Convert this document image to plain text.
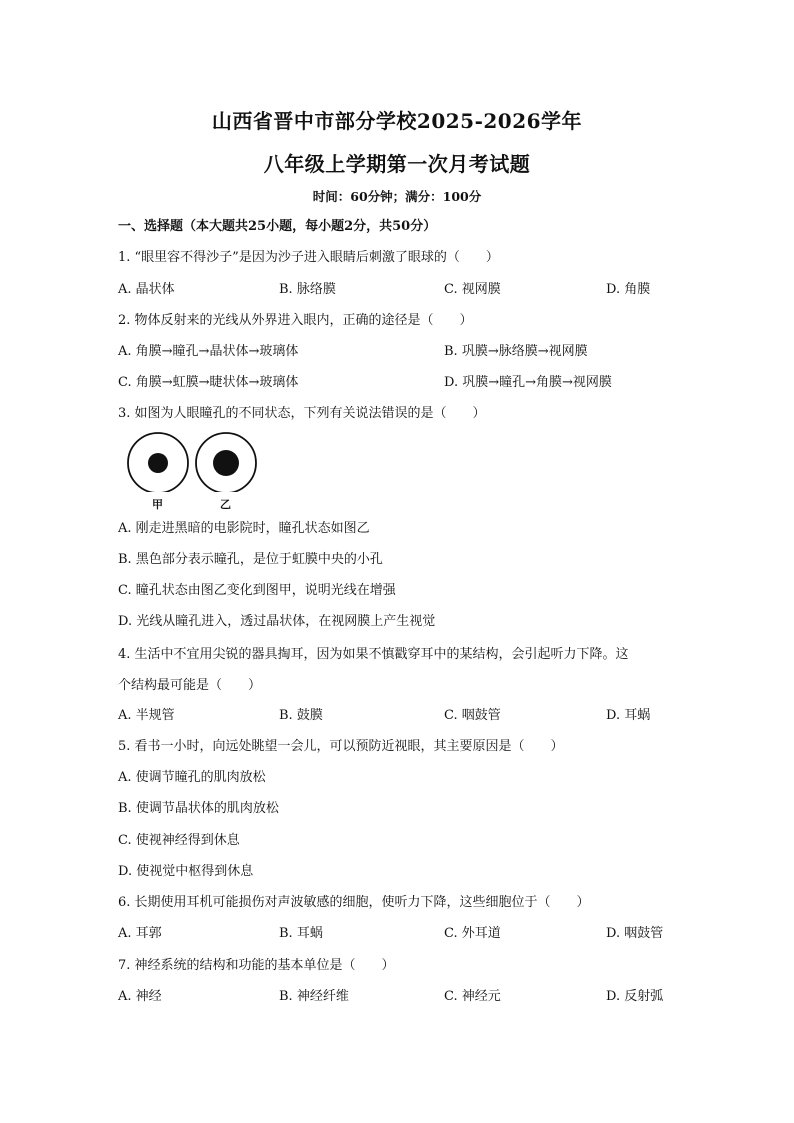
山西省晋中市部分学校2025-2026学年
八年级上学期第一次月考试题
时间：60分钟；满分：100分
一、选择题（本大题共25小题，每小题2分，共50分）
1. “眼里容不得沙子”是因为沙子进入眼睛后刺激了眼球的（　　）
A. 晶状体	B. 脉络膜	C. 视网膜	D. 角膜
2. 物体反射来的光线从外界进入眼内，正确的途径是（　　）
A. 角膜→瞳孔→晶状体→玻璃体	B. 巩膜→脉络膜→视网膜
C. 角膜→虹膜→睫状体→玻璃体	D. 巩膜→瞳孔→角膜→视网膜
3. 如图为人眼瞳孔的不同状态，下列有关说法错误的是（　　）
甲	乙
A. 刚走进黑暗的电影院时，瞳孔状态如图乙
B. 黑色部分表示瞳孔，是位于虹膜中央的小孔
C. 瞳孔状态由图乙变化到图甲，说明光线在增强
D. 光线从瞳孔进入，透过晶状体，在视网膜上产生视觉
4. 生活中不宜用尖锐的器具掏耳，因为如果不慎戳穿耳中的某结构，会引起听力下降。这
个结构最可能是（　　）
A. 半规管	B. 鼓膜	C. 咽鼓管	D. 耳蜗
5. 看书一小时，向远处眺望一会儿，可以预防近视眼，其主要原因是（　　）
A. 使调节瞳孔的肌肉放松
B. 使调节晶状体的肌肉放松
C. 使视神经得到休息
D. 使视觉中枢得到休息
6. 长期使用耳机可能损伤对声波敏感的细胞，使听力下降，这些细胞位于（　　）
A. 耳郭	B. 耳蜗	C. 外耳道	D. 咽鼓管
7. 神经系统的结构和功能的基本单位是（　　）
A. 神经	B. 神经纤维	C. 神经元	D. 反射弧
